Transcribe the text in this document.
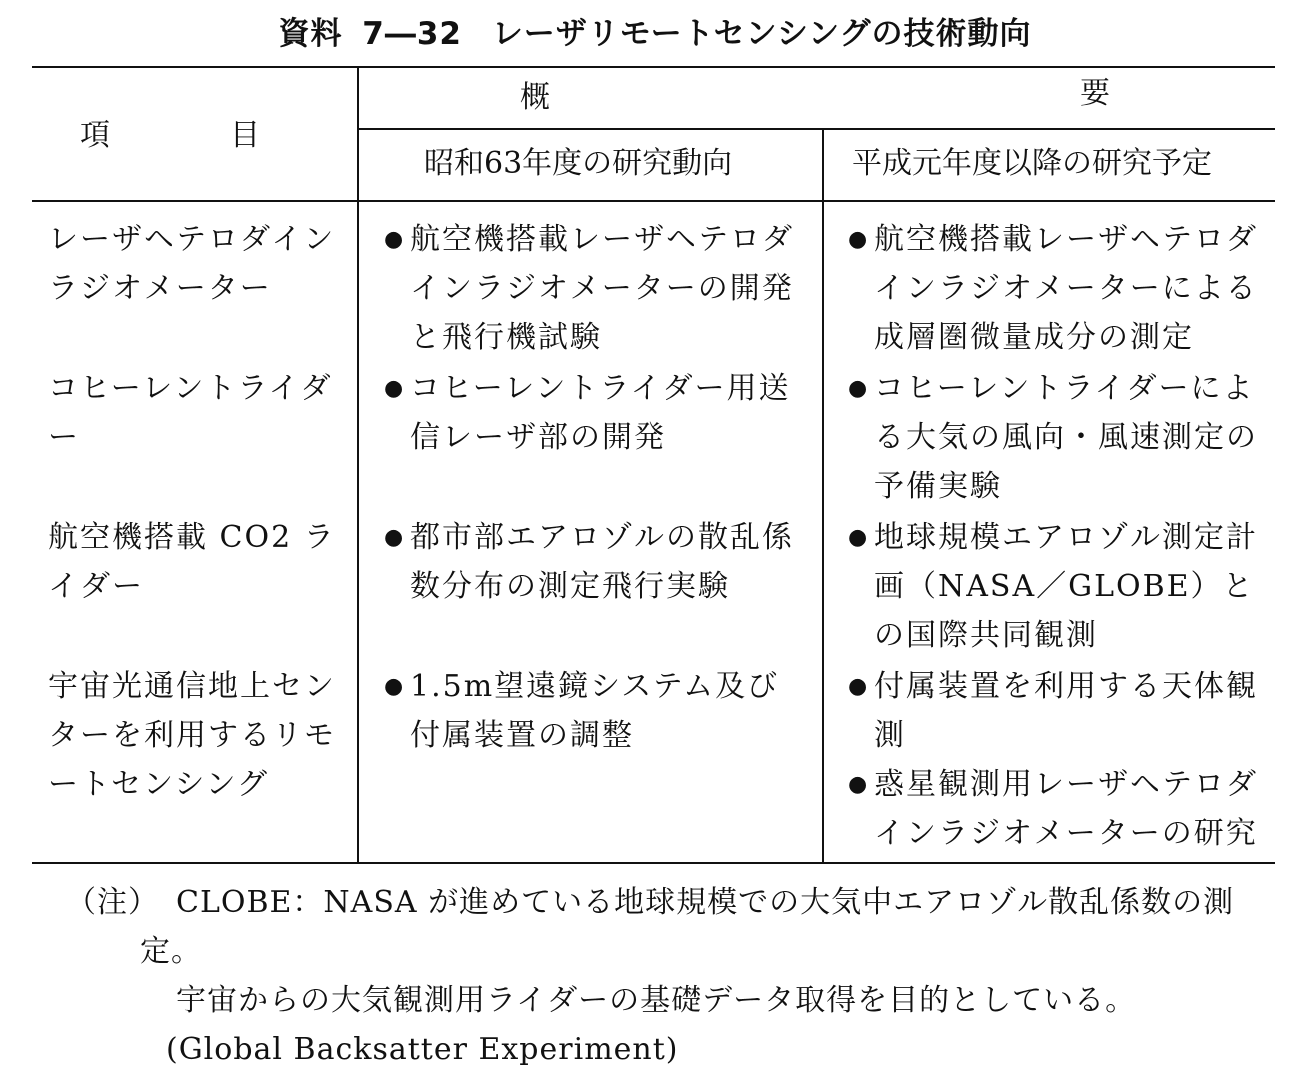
資料 7―32 レーザリモートセンシングの技術動向
項　　　　目
概	要
昭和63年度の研究動向	平成元年度以降の研究予定
レーザヘテロダインラジオメーター
● 航空機搭載レーザヘテロダインラジオメーターの開発と飛行機試験
● 航空機搭載レーザヘテロダインラジオメーターによる成層圏微量成分の測定
コヒーレントライダー
● コヒーレントライダー用送信レーザ部の開発
● コヒーレントライダーによる大気の風向・風速測定の予備実験
航空機搭載 CO2 ライダー
● 都市部エアロゾルの散乱係数分布の測定飛行実験
● 地球規模エアロゾル測定計画（NASA／GLOBE）との国際共同観測
宇宙光通信地上センターを利用するリモートセンシング
● 1.5m望遠鏡システム及び付属装置の調整
● 付属装置を利用する天体観測
● 惑星観測用レーザヘテロダインラジオメーターの研究
（注） CLOBE：NASA が進めている地球規模での大気中エアロゾル散乱係数の測
定。
宇宙からの大気観測用ライダーの基礎データ取得を目的としている。
(Global Backsatter Experiment)
